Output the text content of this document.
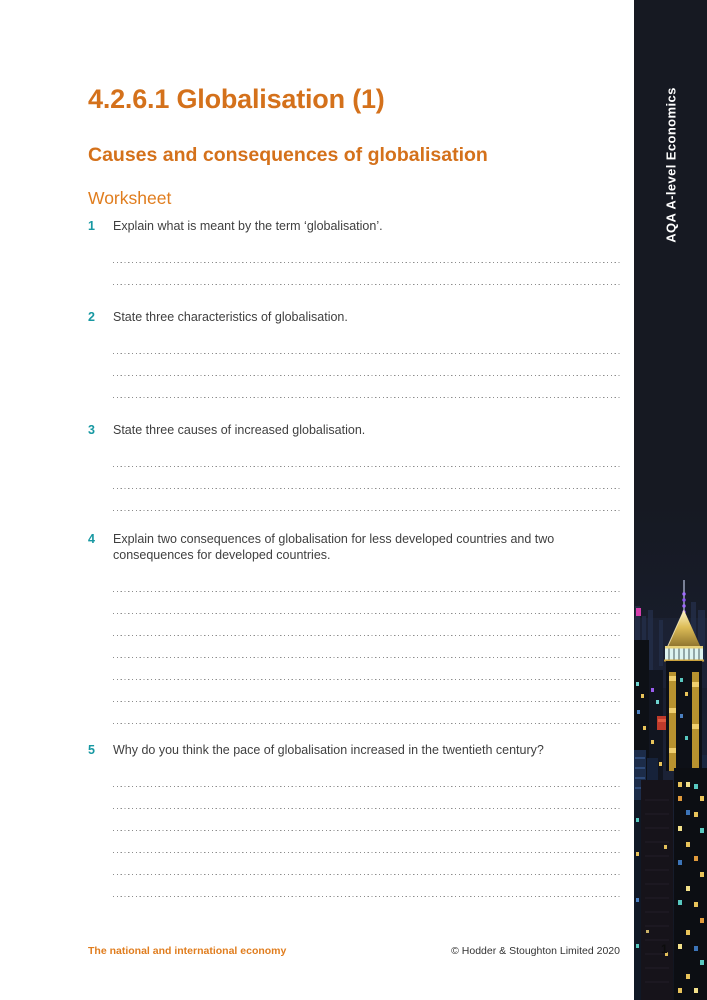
4.2.6.1 Globalisation (1)
Causes and consequences of globalisation
Worksheet
1	Explain what is meant by the term ‘globalisation’.
2	State three characteristics of globalisation.
3	State three causes of increased globalisation.
4	Explain two consequences of globalisation for less developed countries and two consequences for developed countries.
5	Why do you think the pace of globalisation increased in the twentieth century?
The national and international economy	© Hodder & Stoughton Limited 2020
AQA A-level Economics
1
